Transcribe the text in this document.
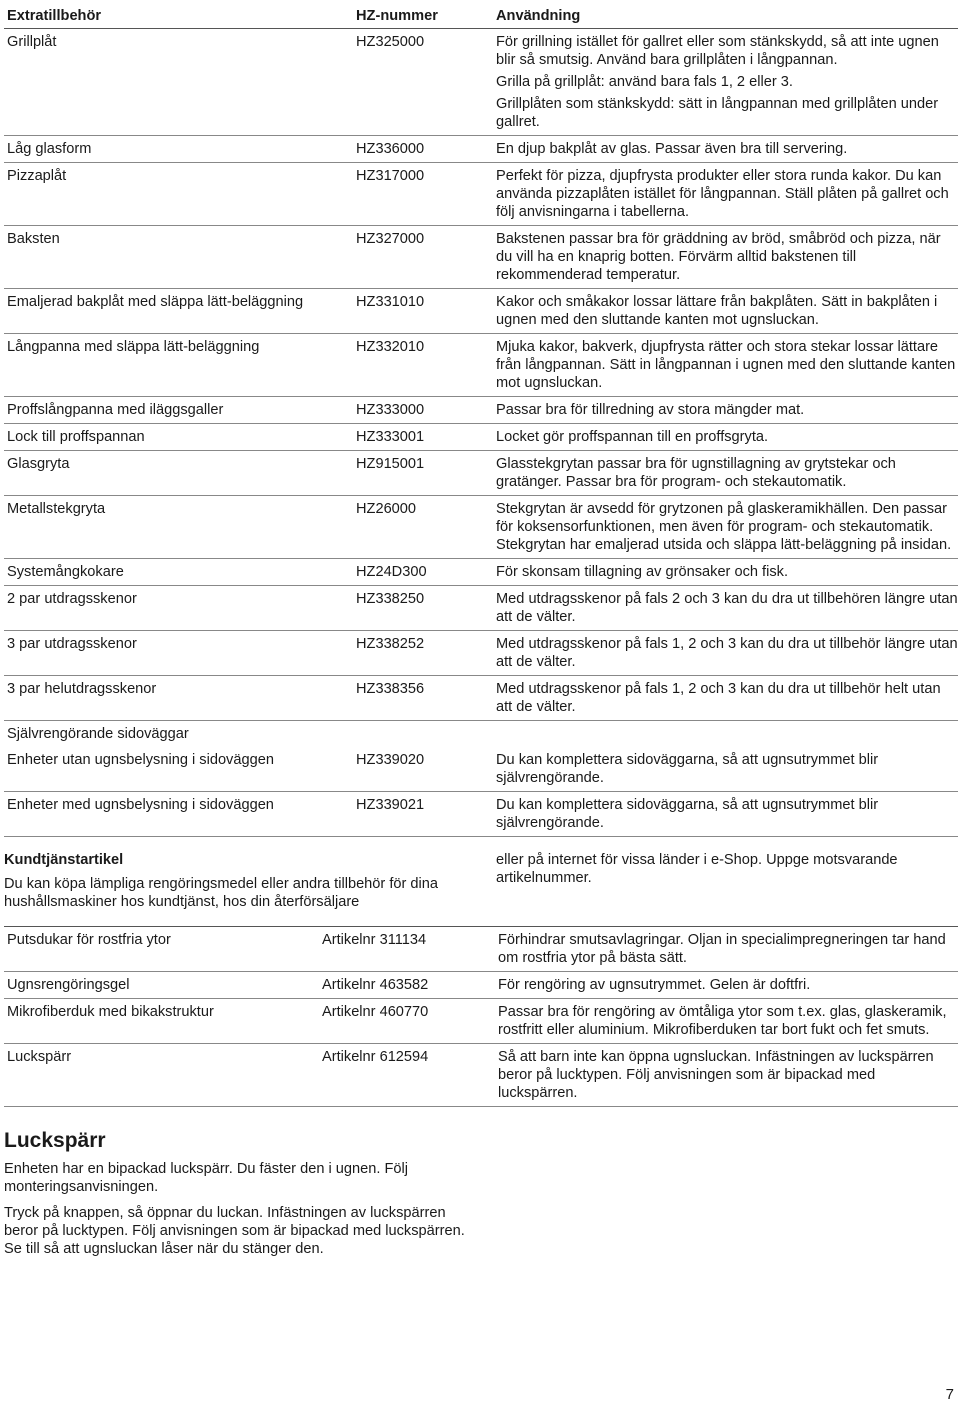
Extratillbehör	HZ-nummer	Användning
Grillplåt	HZ325000	För grillning istället för gallret eller som stänkskydd, så att inte ugnen blir så smutsig. Använd bara grillplåten i långpannan.
Grilla på grillplåt: använd bara fals 1, 2 eller 3.
Grillplåten som stänkskydd: sätt in långpannan med grillplåten under gallret.
Låg glasform	HZ336000	En djup bakplåt av glas. Passar även bra till servering.
Pizzaplåt	HZ317000	Perfekt för pizza, djupfrysta produkter eller stora runda kakor. Du kan använda pizzaplåten istället för långpannan. Ställ plåten på gallret och följ anvisningarna i tabellerna.
Baksten	HZ327000	Bakstenen passar bra för gräddning av bröd, småbröd och pizza, när du vill ha en knaprig botten. Förvärm alltid bakstenen till rekommenderad temperatur.
Emaljerad bakplåt med släppa lätt-beläggning	HZ331010	Kakor och småkakor lossar lättare från bakplåten. Sätt in bakplåten i ugnen med den sluttande kanten mot ugnsluckan.
Långpanna med släppa lätt-beläggning	HZ332010	Mjuka kakor, bakverk, djupfrysta rätter och stora stekar lossar lättare från långpannan. Sätt in långpannan i ugnen med den sluttande kanten mot ugnsluckan.
Proffslångpanna med iläggsgaller	HZ333000	Passar bra för tillredning av stora mängder mat.
Lock till proffspannan	HZ333001	Locket gör proffspannan till en proffsgryta.
Glasgryta	HZ915001	Glasstekgrytan passar bra för ugnstillagning av grytstekar och gratänger. Passar bra för program- och stekautomatik.
Metallstekgryta	HZ26000	Stekgrytan är avsedd för grytzonen på glaskeramikhällen. Den passar för koksensorfunktionen, men även för program- och stekautomatik. Stekgrytan har emaljerad utsida och släppa lätt-beläggning på insidan.
Systemångkokare	HZ24D300	För skonsam tillagning av grönsaker och fisk.
2 par utdragsskenor	HZ338250	Med utdragsskenor på fals 2 och 3 kan du dra ut tillbehören längre utan att de välter.
3 par utdragsskenor	HZ338252	Med utdragsskenor på fals 1, 2 och 3 kan du dra ut tillbehör längre utan att de välter.
3 par helutdragsskenor	HZ338356	Med utdragsskenor på fals 1, 2 och 3 kan du dra ut tillbehör helt utan att de välter.
Självrengörande sidoväggar
Enheter utan ugnsbelysning i sidoväggen	HZ339020	Du kan komplettera sidoväggarna, så att ugnsutrymmet blir självrengörande.
Enheter med ugnsbelysning i sidoväggen	HZ339021	Du kan komplettera sidoväggarna, så att ugnsutrymmet blir självrengörande.
Kundtjänstartikel
Du kan köpa lämpliga rengöringsmedel eller andra tillbehör för dina hushållsmaskiner hos kundtjänst, hos din återförsäljare
eller på internet för vissa länder i e-Shop. Uppge motsvarande artikelnummer.
Putsdukar för rostfria ytor	Artikelnr 311134	Förhindrar smutsavlagringar. Oljan in specialimpregneringen tar hand om rostfria ytor på bästa sätt.
Ugnsrengöringsgel	Artikelnr 463582	För rengöring av ugnsutrymmet. Gelen är doftfri.
Mikrofiberduk med bikakstruktur	Artikelnr 460770	Passar bra för rengöring av ömtåliga ytor som t.ex. glas, glaskeramik, rostfritt eller aluminium. Mikrofiberduken tar bort fukt och fet smuts.
Luckspärr	Artikelnr 612594	Så att barn inte kan öppna ugnsluckan. Infästningen av luckspärren beror på lucktypen. Följ anvisningen som är bipackad med luckspärren.
Luckspärr

Enheten har en bipackad luckspärr. Du fäster den i ugnen. Följ monteringsanvisningen.

Tryck på knappen, så öppnar du luckan. Infästningen av luckspärren beror på lucktypen. Följ anvisningen som är bipackad med luckspärren. Se till så att ugnsluckan låser när du stänger den.

7
